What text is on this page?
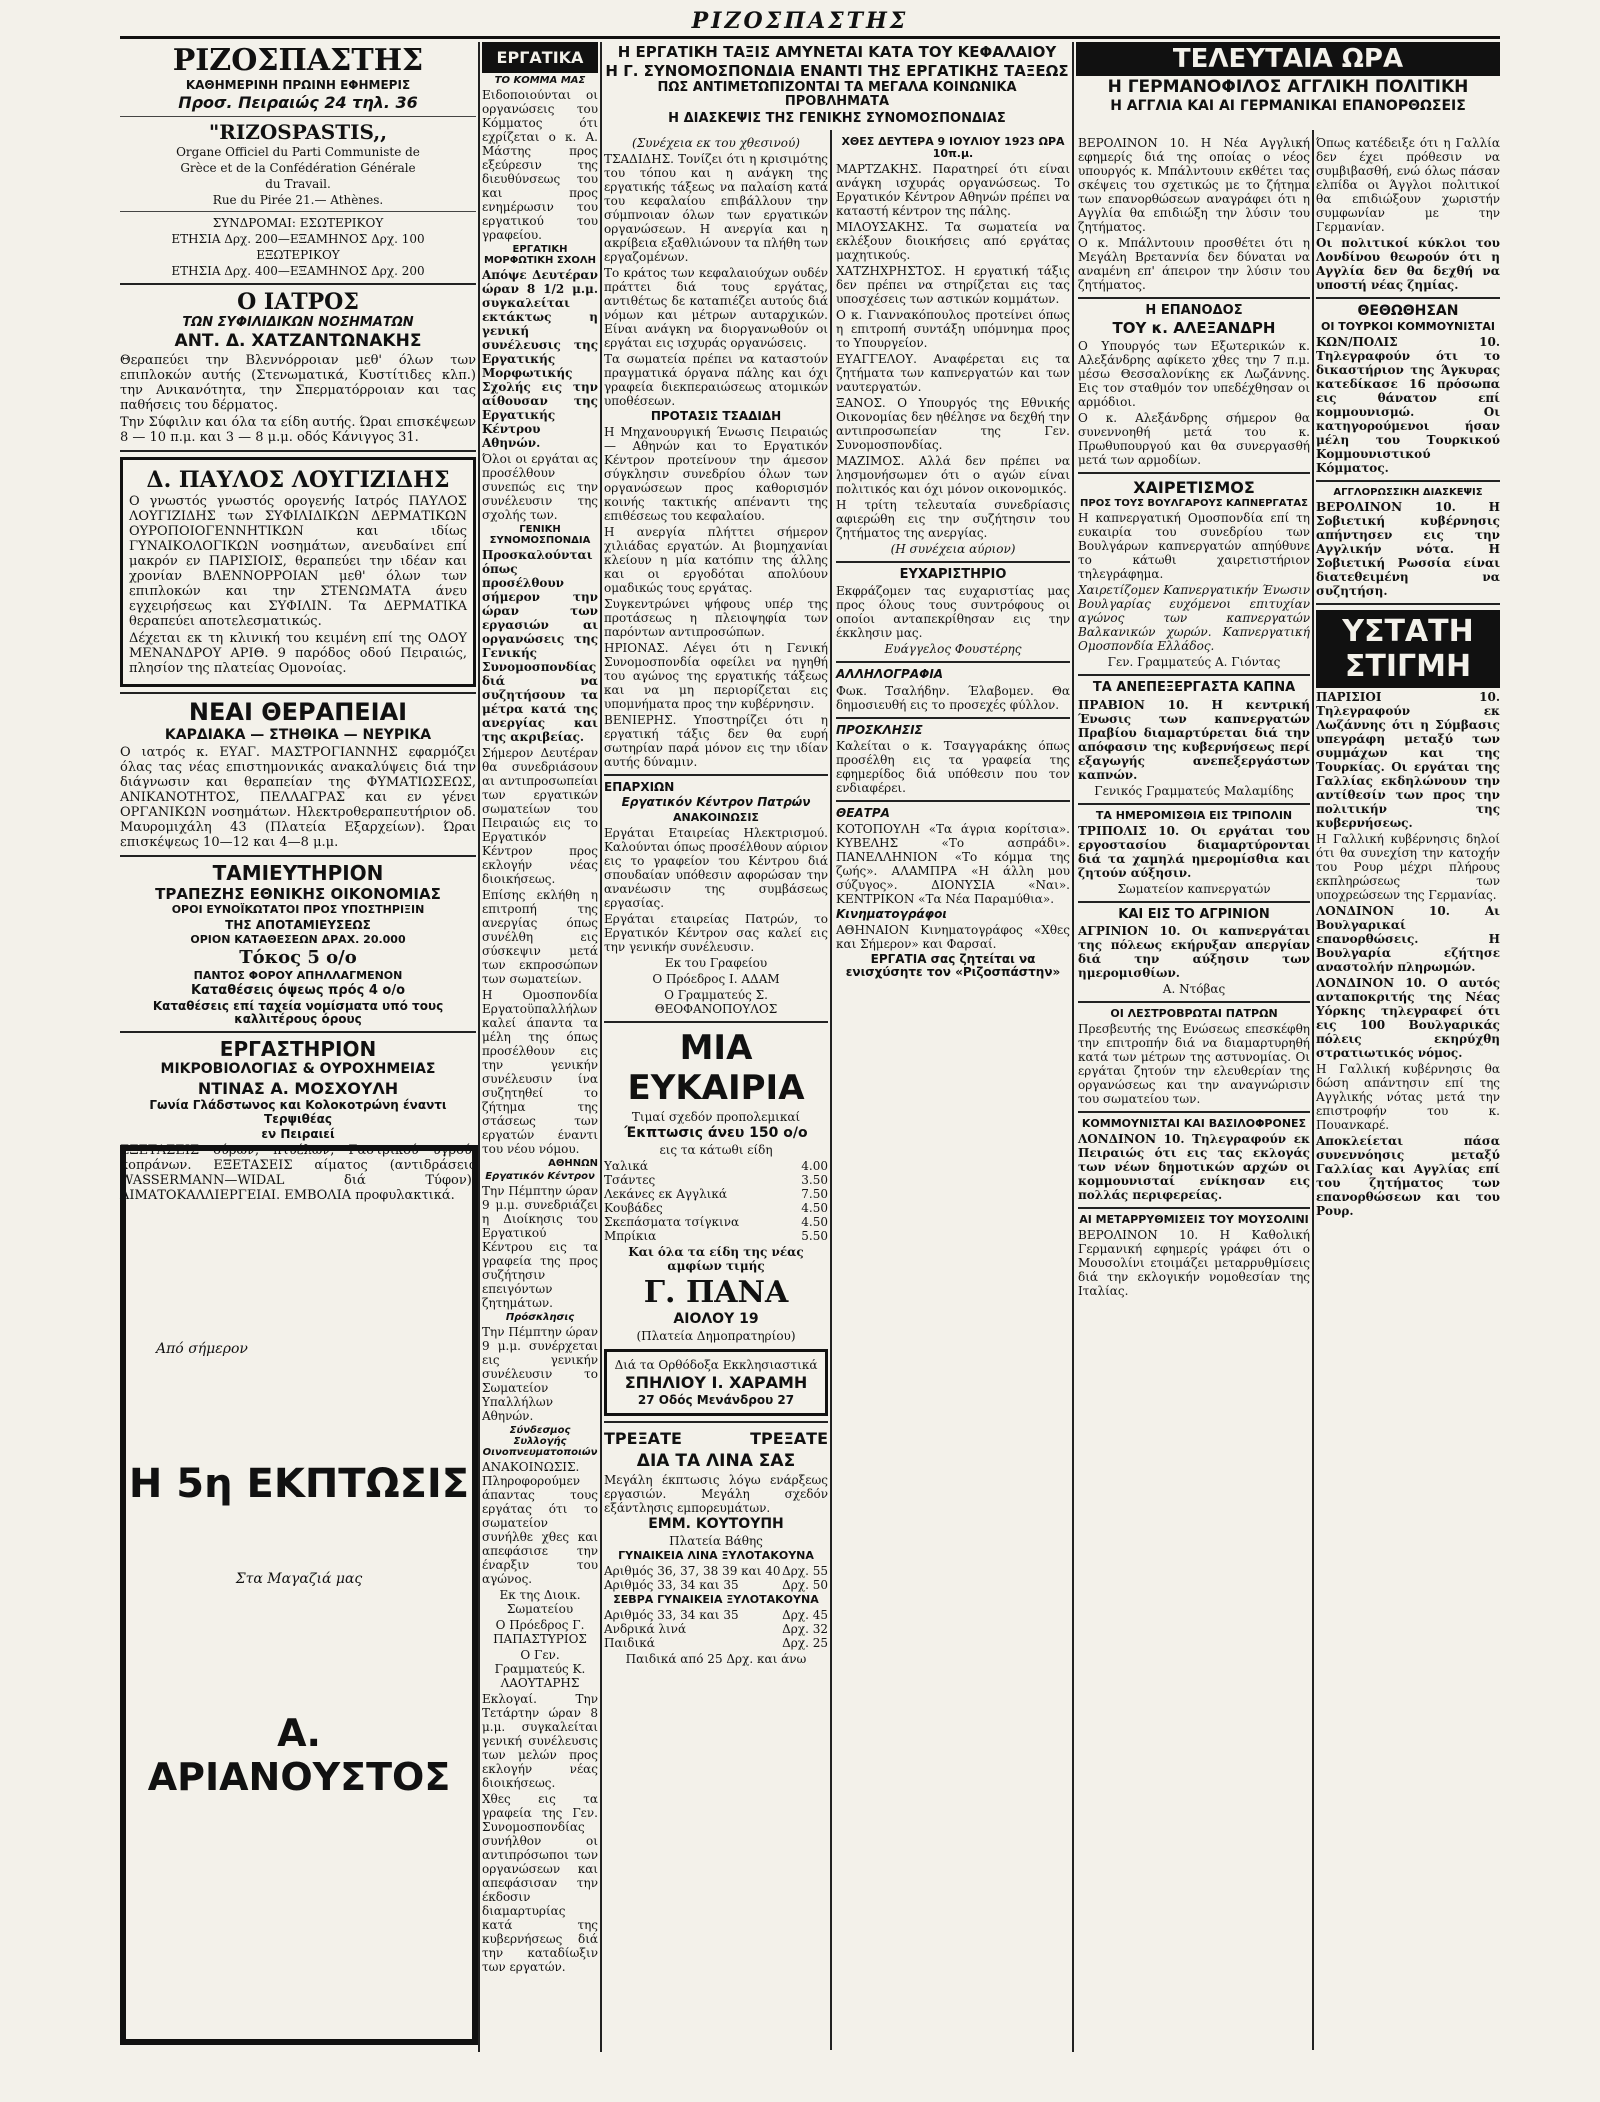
ΡΙΖΟΣΠΑΣΤΗΣ
ΡΙΖΟΣΠΑΣΤΗΣ
ΚΑΘΗΜΕΡΙΝΗ ΠΡΩΙΝΗ ΕΦΗΜΕΡΙΣ
Προσ. Πειραιώς 24 τηλ. 36
"RIZOSPASTIS,,
Organe Officiel du Parti Communiste de
Grèce et de la Confédération Générale
du Travail.
Rue du Pirée 21.— Athènes.
ΣΥΝΔΡΟΜΑΙ: ΕΣΩΤΕΡΙΚΟΥ
ΕΤΗΣΙΑ Δρχ. 200—ΕΞΑΜΗΝΟΣ Δρχ. 100
ΕΞΩΤΕΡΙΚΟΥ
ΕΤΗΣΙΑ Δρχ. 400—ΕΞΑΜΗΝΟΣ Δρχ. 200
Ο ΙΑΤΡΟΣ
ΤΩΝ ΣΥΦΙΛΙΔΙΚΩΝ ΝΟΣΗΜΑΤΩΝ
ΑΝΤ. Δ. ΧΑΤΖΑΝΤΩΝΑΚΗΣ
Θεραπεύει την Βλεννόρροιαν μεθ' όλων των επιπλοκών αυτής (Στενωματικά, Κυστίτιδες κλπ.) την Ανικανότητα, την Σπερματόρροιαν και τας παθήσεις του δέρματος.
Την Σύφιλιν και όλα τα είδη αυτής. Ώραι επισκέψεων 8 — 10 π.μ. και 3 — 8 μ.μ. οδός Κάνιγγος 31.
Δ. ΠΑΥΛΟΣ ΛΟΥΓΙΖΙΔΗΣ
Ο γνωστός γνωστός ορογενής Ιατρός ΠΑΥΛΟΣ ΛΟΥΓΙΖΙΔΗΣ των ΣΥΦΙΛΙΔΙΚΩΝ ΔΕΡΜΑΤΙΚΩΝ ΟΥΡΟΠΟΙΟΓΕΝΝΗΤΙΚΩΝ και ιδίως ΓΥΝΑΙΚΟΛΟΓΙΚΩΝ νοσημάτων, ανευδαίνει επί μακρόν εν ΠΑΡΙΣΙΟΙΣ, θεραπεύει την ιδέαν και χρονίαν ΒΛΕΝΝΟΡΡΟΙΑΝ μεθ' όλων των επιπλοκών και την ΣΤΕΝΩΜΑΤΑ άνευ εγχειρήσεως και ΣΥΦΙΛΙΝ. Τα ΔΕΡΜΑΤΙΚΑ θεραπεύει αποτελεσματικώς.
Δέχεται εκ τη κλινική του κειμένη επί της ΟΔΟΥ ΜΕΝΑΝΔΡΟΥ ΑΡΙΘ. 9 παρόδος οδού Πειραιώς, πλησίον της πλατείας Ομονοίας.
ΝΕΑΙ ΘΕΡΑΠΕΙΑΙ
ΚΑΡΔΙΑΚΑ — ΣΤΗΘΙΚΑ — ΝΕΥΡΙΚΑ
Ο ιατρός κ. ΕΥΑΓ. ΜΑΣΤΡΟΓΙΑΝΝΗΣ εφαρμόζει όλας τας νέας επιστημονικάς ανακαλύψεις διά την διάγνωσιν και θεραπείαν της ΦΥΜΑΤΙΩΣΕΩΣ, ΑΝΙΚΑΝΟΤΗΤΟΣ, ΠΕΛΛΑΓΡΑΣ και εν γένει ΟΡΓΑΝΙΚΩΝ νοσημάτων. Ηλεκτροθεραπευτήριον οδ. Μαυρομιχάλη 43 (Πλατεία Εξαρχείων). Ώραι επισκέψεως 10—12 και 4—8 μ.μ.
ΤΑΜΙΕΥΤΗΡΙΟΝ
ΤΡΑΠΕΖΗΣ ΕΘΝΙΚΗΣ ΟΙΚΟΝΟΜΙΑΣ
ΟΡΟΙ ΕΥΝΟΪΚΩΤΑΤΟΙ ΠΡΟΣ ΥΠΟΣΤΗΡΙΞΙΝ
ΤΗΣ ΑΠΟΤΑΜΙΕΥΣΕΩΣ
ΟΡΙΟΝ ΚΑΤΑΘΕΣΕΩΝ ΔΡΑΧ. 20.000
Τόκος 5 ο/ο
ΠΑΝΤΟΣ ΦΟΡΟΥ ΑΠΗΛΛΑΓΜΕΝΟΝ
Καταθέσεις όψεως πρός 4 ο/ο
Καταθέσεις επί ταχεία νομίσματα υπό τους καλλιτέρους όρους
ΕΡΓΑΣΤΗΡΙΟΝ
ΜΙΚΡΟΒΙΟΛΟΓΙΑΣ & ΟΥΡΟΧΗΜΕΙΑΣ
ΝΤΙΝΑΣ Α. ΜΟΣΧΟΥΛΗ
Γωνία Γλάδστωνος και Κολοκοτρώνη έναντι Τερψιθέας
εν Πειραιεί
ΕΞΕΤΑΣΕΙΣ ούρων, πτυέλων, Γαστρικού υγρού, κοπράνων. ΕΞΕΤΑΣΕΙΣ αίματος (αντιδράσεις WASSERMANN—WIDAL διά Τύφον). ΑΙΜΑΤΟΚΑΛΛΙΕΡΓΕΙΑΙ. ΕΜΒΟΛΙΑ προφυλακτικά.
Από σήμερον
Η 5η ΕΚΠΤΩΣΙΣ
Στα Μαγαζιά μας
Α. ΑΡΙΑΝΟΥΣΤΟΣ
ΕΡΓΑΤΙΚΑ
ΤΟ ΚΟΜΜΑ ΜΑΣ
Ειδοποιούνται οι οργανώσεις του Κόμματος ότι εχρίζεται ο κ. Α. Μάστης προς εξεύρεσιν της διευθύνσεως του και προς ενημέρωσιν του εργατικού του γραφείου.
ΕΡΓΑΤΙΚΗ ΜΟΡΦΩΤΙΚΗ ΣΧΟΛΗ
Απόψε Δευτέραν ώραν 8 1/2 μ.μ. συγκαλείται εκτάκτως η γενική συνέλευσις της Εργατικής Μορφωτικής Σχολής εις την αίθουσαν της Εργατικής Κέντρου Αθηνών.
Όλοι οι εργάται ας προσέλθουν συνεπώς εις την συνέλευσιν της σχολής των.
ΓΕΝΙΚΗ ΣΥΝΟΜΟΣΠΟΝΔΙΑ
Προσκαλούνται όπως προσέλθουν σήμερον την ώραν των εργασιών αι οργανώσεις της Γενικής Συνομοσπονδίας διά να συζητήσουν τα μέτρα κατά της ανεργίας και της ακριβείας.
Σήμερον Δευτέραν θα συνεδριάσουν αι αντιπροσωπείαι των εργατικών σωματείων του Πειραιώς εις το Εργατικόν Κέντρον προς εκλογήν νέας διοικήσεως.
Επίσης εκλήθη η επιτροπή της ανεργίας όπως συνέλθη εις σύσκεψιν μετά των εκπροσώπων των σωματείων.
Η Ομοσπονδία Εργατοϋπαλλήλων καλεί άπαντα τα μέλη της όπως προσέλθουν εις την γενικήν συνέλευσιν ίνα συζητηθεί το ζήτημα της στάσεως των εργατών έναντι του νέου νόμου.
ΑΘΗΝΩΝ
Εργατικόν Κέντρον
Την Πέμπτην ώραν 9 μ.μ. συνεδριάζει η Διοίκησις του Εργατικού Κέντρου εις τα γραφεία της προς συζήτησιν επειγόντων ζητημάτων.
Πρόσκλησις
Την Πέμπτην ώραν 9 μ.μ. συνέρχεται εις γενικήν συνέλευσιν το Σωματείον Υπαλλήλων Αθηνών.
Σύνδεσμος Συλλογής Οινοπνευματοποιών
ΑΝΑΚΟΙΝΩΣΙΣ. Πληροφορούμεν άπαντας τους εργάτας ότι το σωματείον συνήλθε χθες και απεφάσισε την έναρξιν του αγώνος.
Εκ της Διοικ. Σωματείου
Ο Πρόεδρος Γ. ΠΑΠΑΣΤΥΡΙΟΣ
Ο Γεν. Γραμματεύς Κ. ΛΑΟΥΤΑΡΗΣ
Εκλογαί. Την Τετάρτην ώραν 8 μ.μ. συγκαλείται γενική συνέλευσις των μελών προς εκλογήν νέας διοικήσεως.
Χθες εις τα γραφεία της Γεν. Συνομοσπονδίας συνήλθον οι αντιπρόσωποι των οργανώσεων και απεφάσισαν την έκδοσιν διαμαρτυρίας κατά της κυβερνήσεως διά την καταδίωξιν των εργατών.
Η ΕΡΓΑΤΙΚΗ ΤΑΞΙΣ ΑΜΥΝΕΤΑΙ ΚΑΤΑ ΤΟΥ ΚΕΦΑΛΑΙΟΥ
Η Γ. ΣΥΝΟΜΟΣΠΟΝΔΙΑ ΕΝΑΝΤΙ ΤΗΣ ΕΡΓΑΤΙΚΗΣ ΤΑΞΕΩΣ
ΠΩΣ ΑΝΤΙΜΕΤΩΠΙΖΟΝΤΑΙ ΤΑ ΜΕΓΑΛΑ ΚΟΙΝΩΝΙΚΑ ΠΡΟΒΛΗΜΑΤΑ
Η ΔΙΑΣΚΕΨΙΣ ΤΗΣ ΓΕΝΙΚΗΣ ΣΥΝΟΜΟΣΠΟΝΔΙΑΣ
(Συνέχεια εκ του χθεσινού)
ΤΣΑΔΙΔΗΣ. Τονίζει ότι η κρισιμότης του τόπου και η ανάγκη της εργατικής τάξεως να παλαίση κατά του κεφαλαίου επιβάλλουν την σύμπνοιαν όλων των εργατικών οργανώσεων. Η ανεργία και η ακρίβεια εξαθλιώνουν τα πλήθη των εργαζομένων.
Το κράτος των κεφαλαιούχων ουδέν πράττει διά τους εργάτας, αντιθέτως δε καταπιέζει αυτούς διά νόμων και μέτρων αυταρχικών. Είναι ανάγκη να διοργανωθούν οι εργάται εις ισχυράς οργανώσεις.
Τα σωματεία πρέπει να καταστούν πραγματικά όργανα πάλης και όχι γραφεία διεκπεραιώσεως ατομικών υποθέσεων.
ΠΡΟΤΑΣΙΣ ΤΣΑΔΙΔΗ
Η Μηχανουργική Ένωσις Πειραιώς — Αθηνών και το Εργατικόν Κέντρον προτείνουν την άμεσον σύγκλησιν συνεδρίου όλων των οργανώσεων προς καθορισμόν κοινής τακτικής απέναντι της επιθέσεως του κεφαλαίου.
Η ανεργία πλήττει σήμερον χιλιάδας εργατών. Αι βιομηχανίαι κλείουν η μία κατόπιν της άλλης και οι εργοδόται απολύουν ομαδικώς τους εργάτας.
Συγκεντρώνει ψήφους υπέρ της προτάσεως η πλειοψηφία των παρόντων αντιπροσώπων.
ΗΡΙΟΝΑΣ. Λέγει ότι η Γενική Συνομοσπονδία οφείλει να ηγηθή του αγώνος της εργατικής τάξεως και να μη περιορίζεται εις υπομνήματα προς την κυβέρνησιν.
ΒΕΝΙΕΡΗΣ. Υποστηρίζει ότι η εργατική τάξις δεν θα ευρή σωτηρίαν παρά μόνον εις την ιδίαν αυτής δύναμιν.
ΕΠΑΡΧΙΩΝ
Εργατικόν Κέντρον Πατρών
ΑΝΑΚΟΙΝΩΣΙΣ
Εργάται Εταιρείας Ηλεκτρισμού. Καλούνται όπως προσέλθουν αύριον εις το γραφείον του Κέντρου διά σπουδαίαν υπόθεσιν αφορώσαν την ανανέωσιν της συμβάσεως εργασίας.
Εργάται εταιρείας Πατρών, το Εργατικόν Κέντρον σας καλεί εις την γενικήν συνέλευσιν.
Εκ του Γραφείου
Ο Πρόεδρος Ι. ΑΔΑΜ
Ο Γραμματεύς Σ. ΘΕΟΦΑΝΟΠΟΥΛΟΣ
ΜΙΑ ΕΥΚΑΙΡΙΑ
Τιμαί σχεδόν προπολεμικαί
Έκπτωσις άνευ 150 ο/ο
εις τα κάτωθι είδη
Υαλικά	4.00
Τσάντες	3.50
Λεκάνες εκ Αγγλικά	7.50
Κουβάδες	4.50
Σκεπάσματα τσίγκινα	4.50
Μπρίκια	5.50
Και όλα τα είδη της νέας αμφίων τιμής
Γ. ΠΑΝΑ
ΑΙΟΛΟΥ 19
(Πλατεία Δημοπρατηρίου)
Διά τα Ορθόδοξα Εκκλησιαστικά
ΣΠΗΛΙΟΥ Ι. ΧΑΡΑΜΗ
27 Οδός Μενάνδρου 27
ΤΡΕΞΑΤΕ	ΤΡΕΞΑΤΕ
ΔΙΑ ΤΑ ΛΙΝΑ ΣΑΣ
Μεγάλη έκπτωσις λόγω ενάρξεως εργασιών. Μεγάλη σχεδόν εξάντλησις εμπορευμάτων.
ΕΜΜ. ΚΟΥΤΟΥΠΗ
Πλατεία Βάθης
ΓΥΝΑΙΚΕΙΑ ΛΙΝΑ ΞΥΛΟΤΑΚΟΥΝΑ
Αριθμός 36, 37, 38 39 και 40 Δρχ. 55
Αριθμός 33, 34 και 35	Δρχ. 50
ΣΕΒΡΑ ΓΥΝΑΙΚΕΙΑ ΞΥΛΟΤΑΚΟΥΝΑ
Αριθμός 33, 34 και 35	Δρχ. 45
Ανδρικά λινά	Δρχ. 32
Παιδικά	Δρχ. 25
Παιδικά από 25 Δρχ. και άνω
ΧΘΕΣ ΔΕΥΤΕΡΑ 9 ΙΟΥΛΙΟΥ 1923 ΩΡΑ 10π.μ.
ΜΑΡΤΖΑΚΗΣ. Παρατηρεί ότι είναι ανάγκη ισχυράς οργανώσεως. Το Εργατικόν Κέντρον Αθηνών πρέπει να καταστή κέντρον της πάλης.
ΜΙΛΟΥΣΑΚΗΣ. Τα σωματεία να εκλέξουν διοικήσεις από εργάτας μαχητικούς.
ΧΑΤΖΗΧΡΗΣΤΟΣ. Η εργατική τάξις δεν πρέπει να στηρίζεται εις τας υποσχέσεις των αστικών κομμάτων.
Ο κ. Γιαννακόπουλος προτείνει όπως η επιτροπή συντάξη υπόμνημα προς το Υπουργείον.
ΕΥΑΓΓΕΛΟΥ. Αναφέρεται εις τα ζητήματα των καπνεργατών και των ναυτεργατών.
ΞΑΝΟΣ. Ο Υπουργός της Εθνικής Οικονομίας δεν ηθέλησε να δεχθή την αντιπροσωπείαν της Γεν. Συνομοσπονδίας.
ΜΑΖΙΜΟΣ. Αλλά δεν πρέπει να λησμονήσωμεν ότι ο αγών είναι πολιτικός και όχι μόνον οικονομικός.
Η τρίτη τελευταία συνεδρίασις αφιερώθη εις την συζήτησιν του ζητήματος της ανεργίας.
(Η συνέχεια αύριον)
ΕΥΧΑΡΙΣΤΗΡΙΟ
Εκφράζομεν τας ευχαριστίας μας προς όλους τους συντρόφους οι οποίοι ανταπεκρίθησαν εις την έκκλησιν μας.
Ευάγγελος Φουστέρης
ΑΛΛΗΛΟΓΡΑΦΙΑ
Φωκ. Τσαλήδην. Έλαβομεν. Θα δημοσιευθή εις το προσεχές φύλλον.
ΠΡΟΣΚΛΗΣΙΣ
Καλείται ο κ. Τσαγγαράκης όπως προσέλθη εις τα γραφεία της εφημερίδος διά υπόθεσιν που τον ενδιαφέρει.
ΘΕΑΤΡΑ
ΚΟΤΟΠΟΥΛΗ «Τα άγρια κορίτσια». ΚΥΒΕΛΗΣ «Το ασπράδι». ΠΑΝΕΛΛΗΝΙΟΝ «Το κόμμα της ζωής». ΑΛΑΜΠΡΑ «Η άλλη μου σύζυγος». ΔΙΟΝΥΣΙΑ «Ναι». ΚΕΝΤΡΙΚΟΝ «Τα Νέα Παραμύθια».
Κινηματογράφοι
ΑΘΗΝΑΙΟΝ Κινηματογράφος «Χθες και Σήμερον» και Φαρσαί.
ΕΡΓΑΤΙΑ σας ζητείται να ενισχύσητε τον «Ριζοσπάστην»
ΤΕΛΕΥΤΑΙΑ ΩΡΑ
Η ΓΕΡΜΑΝΟΦΙΛΟΣ ΑΓΓΛΙΚΗ ΠΟΛΙΤΙΚΗ
Η ΑΓΓΛΙΑ ΚΑΙ ΑΙ ΓΕΡΜΑΝΙΚΑΙ ΕΠΑΝΟΡΘΩΣΕΙΣ
ΒΕΡΟΛΙΝΟΝ 10. Η Νέα Αγγλική εφημερίς διά της οποίας ο νέος υπουργός κ. Μπάλντουιν εκθέτει τας σκέψεις του σχετικώς με το ζήτημα των επανορθώσεων αναγράφει ότι η Αγγλία θα επιδιώξη την λύσιν του ζητήματος.
Ο κ. Μπάλντουιν προσθέτει ότι η Μεγάλη Βρεταννία δεν δύναται να αναμένη επ' άπειρον την λύσιν του ζητήματος.
Η ΕΠΑΝΟΔΟΣ
ΤΟΥ κ. ΑΛΕΞΑΝΔΡΗ
Ο Υπουργός των Εξωτερικών κ. Αλεξάνδρης αφίκετο χθες την 7 π.μ. μέσω Θεσσαλονίκης εκ Λωζάννης. Εις τον σταθμόν τον υπεδέχθησαν οι αρμόδιοι.
Ο κ. Αλεξάνδρης σήμερον θα συνεννοηθή μετά του κ. Πρωθυπουργού και θα συνεργασθή μετά των αρμοδίων.
ΧΑΙΡΕΤΙΣΜΟΣ
ΠΡΟΣ ΤΟΥΣ ΒΟΥΛΓΑΡΟΥΣ ΚΑΠΝΕΡΓΑΤΑΣ
Η καπνεργατική Ομοσπονδία επί τη ευκαιρία του συνεδρίου των Βουλγάρων καπνεργατών απηύθυνε το κάτωθι χαιρετιστήριον τηλεγράφημα.
Χαιρετίζομεν Καπνεργατικήν Ένωσιν Βουλγαρίας ευχόμενοι επιτυχίαν αγώνος των καπνεργατών Βαλκανικών χωρών. Καπνεργατική Ομοσπονδία Ελλάδος.
Γεν. Γραμματεύς Α. Γιόντας
ΤΑ ΑΝΕΠΕΞΕΡΓΑΣΤΑ ΚΑΠΝΑ
ΠΡΑΒΙΟΝ 10. Η κεντρική Ένωσις των καπνεργατών Πραβίου διαμαρτύρεται διά την απόφασιν της κυβερνήσεως περί εξαγωγής ανεπεξεργάστων καπνών.
Γενικός Γραμματεύς Μαλαμίδης
ΤΑ ΗΜΕΡΟΜΙΣΘΙΑ ΕΙΣ ΤΡΙΠΟΛΙΝ
ΤΡΙΠΟΛΙΣ 10. Οι εργάται του εργοστασίου διαμαρτύρονται διά τα χαμηλά ημερομίσθια και ζητούν αύξησιν.
Σωματείον καπνεργατών
ΚΑΙ ΕΙΣ ΤΟ ΑΓΡΙΝΙΟΝ
ΑΓΡΙΝΙΟΝ 10. Οι καπνεργάται της πόλεως εκήρυξαν απεργίαν διά την αύξησιν των ημερομισθίων.
Α. Ντόβας
ΟΙ ΛΕΣΤΡΟΒΡΩΤΑΙ ΠΑΤΡΩΝ
Πρεσβευτής της Ενώσεως επεσκέφθη την επιτροπήν διά να διαμαρτυρηθή κατά των μέτρων της αστυνομίας. Οι εργάται ζητούν την ελευθερίαν της οργανώσεως και την αναγνώρισιν του σωματείου των.
ΚΟΜΜΟΥΝΙΣΤΑΙ ΚΑΙ ΒΑΣΙΛΟΦΡΟΝΕΣ
ΛΟΝΔΙΝΟΝ 10. Τηλεγραφούν εκ Πειραιώς ότι εις τας εκλογάς των νέων δημοτικών αρχών οι κομμουνισταί ενίκησαν εις πολλάς περιφερείας.
ΑΙ ΜΕΤΑΡΡΥΘΜΙΣΕΙΣ ΤΟΥ ΜΟΥΣΟΛΙΝΙ
ΒΕΡΟΛΙΝΟΝ 10. Η Καθολική Γερμανική εφημερίς γράφει ότι ο Μουσολίνι ετοιμάζει μεταρρυθμίσεις διά την εκλογικήν νομοθεσίαν της Ιταλίας.
Όπως κατέδειξε ότι η Γαλλία δεν έχει πρόθεσιν να συμβιβασθή, ενώ όλως πάσαν ελπίδα οι Άγγλοι πολιτικοί θα επιδιώξουν χωριστήν συμφωνίαν με την Γερμανίαν.
Οι πολιτικοί κύκλοι του Λονδίνου θεωρούν ότι η Αγγλία δεν θα δεχθή να υποστή νέας ζημίας.
ΘΕΘΩΘΗΣΑΝ
ΟΙ ΤΟΥΡΚΟΙ ΚΟΜΜΟΥΝΙΣΤΑΙ
ΚΩΝ/ΠΟΛΙΣ 10. Τηλεγραφούν ότι το δικαστήριον της Άγκυρας κατεδίκασε 16 πρόσωπα εις θάνατον επί κομμουνισμώ. Οι κατηγορούμενοι ήσαν μέλη του Τουρκικού Κομμουνιστικού Κόμματος.
ΑΓΓΛΟΡΩΣΣΙΚΗ ΔΙΑΣΚΕΨΙΣ
ΒΕΡΟΛΙΝΟΝ 10. Η Σοβιετική κυβέρνησις απήντησεν εις την Αγγλικήν νότα. Η Σοβιετική Ρωσσία είναι διατεθειμένη να συζητήση.
ΥΣΤΑΤΗ ΣΤΙΓΜΗ
ΠΑΡΙΣΙΟΙ 10. Τηλεγραφούν εκ Λωζάννης ότι η Σύμβασις υπεγράφη μεταξύ των συμμάχων και της Τουρκίας. Οι εργάται της Γαλλίας εκδηλώνουν την αντίθεσίν των προς την πολιτικήν της κυβερνήσεως.
Η Γαλλική κυβέρνησις δηλοί ότι θα συνεχίση την κατοχήν του Ρουρ μέχρι πλήρους εκπληρώσεως των υποχρεώσεων της Γερμανίας.
ΛΟΝΔΙΝΟΝ 10. Αι Βουλγαρικαί επανορθώσεις. Η Βουλγαρία εζήτησε αναστολήν πληρωμών.
ΛΟΝΔΙΝΟΝ 10. Ο αυτός ανταποκριτής της Νέας Υόρκης τηλεγραφεί ότι εις 100 Βουλγαρικάς πόλεις εκηρύχθη στρατιωτικός νόμος.
Η Γαλλική κυβέρνησις θα δώση απάντησιν επί της Αγγλικής νότας μετά την επιστροφήν του κ. Πουανκαρέ.
Αποκλείεται πάσα συνεννόησις μεταξύ Γαλλίας και Αγγλίας επί του ζητήματος των επανορθώσεων και του Ρουρ.
